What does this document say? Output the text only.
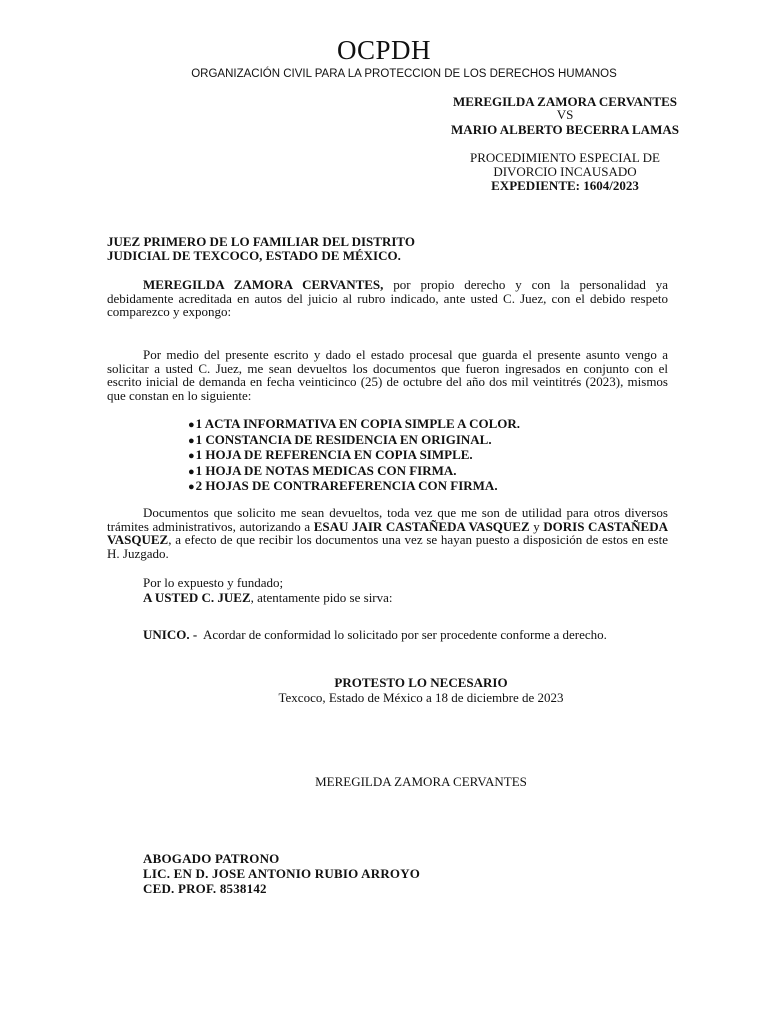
OCPDH
ORGANIZACIÓN CIVIL PARA LA PROTECCION DE LOS DERECHOS HUMANOS
MEREGILDA ZAMORA CERVANTES
VS
MARIO ALBERTO BECERRA LAMAS
PROCEDIMIENTO ESPECIAL DE
DIVORCIO INCAUSADO
EXPEDIENTE: 1604/2023
JUEZ PRIMERO DE LO FAMILIAR DEL DISTRITO
JUDICIAL DE TEXCOCO, ESTADO DE MÉXICO.
MEREGILDA ZAMORA CERVANTES, por propio derecho y con la personalidad ya debidamente acreditada en autos del juicio al rubro indicado, ante usted C. Juez, con el debido respeto comparezco y expongo:
Por medio del presente escrito y dado el estado procesal que guarda el presente asunto vengo a solicitar a usted C. Juez, me sean devueltos los documentos que fueron ingresados en conjunto con el escrito inicial de demanda en fecha veinticinco (25) de octubre del año dos mil veintitrés (2023), mismos que constan en lo siguiente:
●1 ACTA INFORMATIVA EN COPIA SIMPLE A COLOR.
●1 CONSTANCIA DE RESIDENCIA EN ORIGINAL.
●1 HOJA DE REFERENCIA EN COPIA SIMPLE.
●1 HOJA DE NOTAS MEDICAS CON FIRMA.
●2 HOJAS DE CONTRAREFERENCIA CON FIRMA.
Documentos que solicito me sean devueltos, toda vez que me son de utilidad para otros diversos trámites administrativos, autorizando a ESAU JAIR CASTAÑEDA VASQUEZ y DORIS CASTAÑEDA VASQUEZ, a efecto de que recibir los documentos una vez se hayan puesto a disposición de estos en este H. Juzgado.
Por lo expuesto y fundado;
A USTED C. JUEZ, atentamente pido se sirva:
UNICO. -  Acordar de conformidad lo solicitado por ser procedente conforme a derecho.
PROTESTO LO NECESARIO
Texcoco, Estado de México a 18 de diciembre de 2023
MEREGILDA ZAMORA CERVANTES
ABOGADO PATRONO
LIC. EN D. JOSE ANTONIO RUBIO ARROYO
CED. PROF. 8538142
